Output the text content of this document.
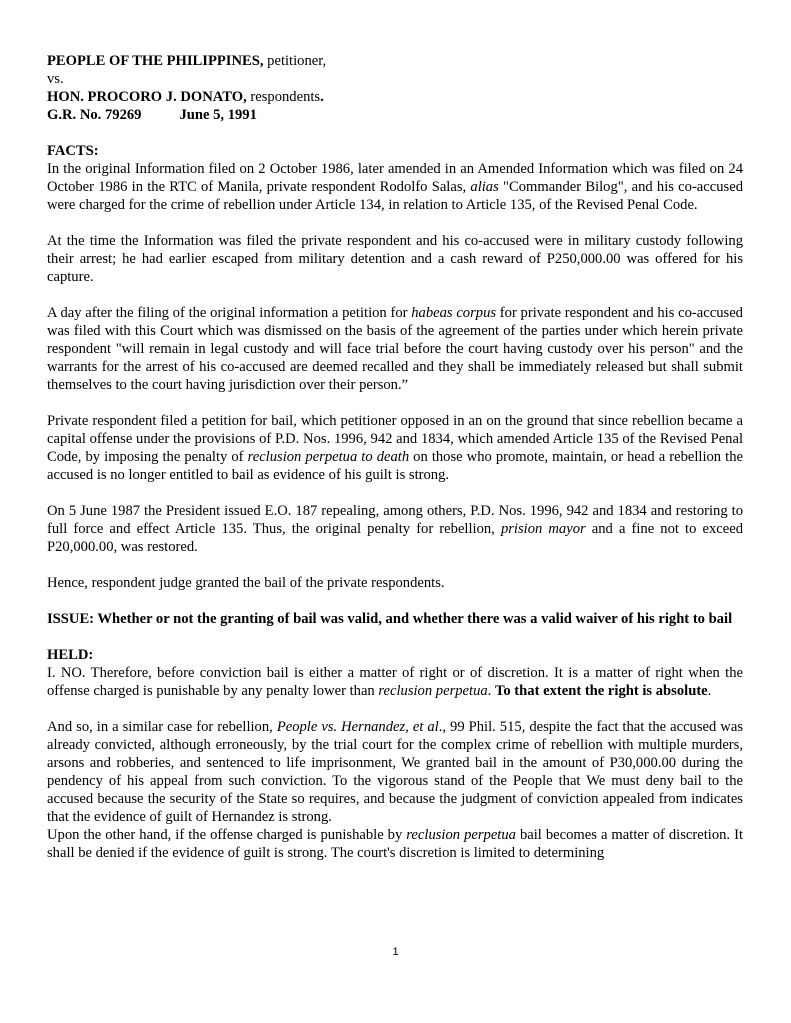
PEOPLE OF THE PHILIPPINES, petitioner,

vs.

HON. PROCORO J. DONATO, respondents.

G.R. No. 79269	June 5, 1991

FACTS:

In the original Information filed on 2 October 1986, later amended in an Amended Information which was filed on 24 October 1986 in the RTC of Manila, private respondent Rodolfo Salas, alias "Commander Bilog", and his co-accused were charged for the crime of rebellion under Article 134, in relation to Article 135, of the Revised Penal Code.

At the time the Information was filed the private respondent and his co-accused were in military custody following their arrest; he had earlier escaped from military detention and a cash reward of P250,000.00 was offered for his capture.

A day after the filing of the original information a petition for habeas corpus for private respondent and his co-accused was filed with this Court which was dismissed on the basis of the agreement of the parties under which herein private respondent "will remain in legal custody and will face trial before the court having custody over his person" and the warrants for the arrest of his co-accused are deemed recalled and they shall be immediately released but shall submit themselves to the court having jurisdiction over their person.”

Private respondent filed a petition for bail, which petitioner opposed in an on the ground that since rebellion became a capital offense under the provisions of P.D. Nos. 1996, 942 and 1834, which amended Article 135 of the Revised Penal Code, by imposing the penalty of reclusion perpetua to death on those who promote, maintain, or head a rebellion the accused is no longer entitled to bail as evidence of his guilt is strong.

On 5 June 1987 the President issued E.O. 187 repealing, among others, P.D. Nos. 1996, 942 and 1834 and restoring to full force and effect Article 135. Thus, the original penalty for rebellion, prision mayor and a fine not to exceed P20,000.00, was restored.

Hence, respondent judge granted the bail of the private respondents.

ISSUE: Whether or not the granting of bail was valid, and whether there was a valid waiver of his right to bail

HELD:

I. NO. Therefore, before conviction bail is either a matter of right or of discretion. It is a matter of right when the offense charged is punishable by any penalty lower than reclusion perpetua. To that extent the right is absolute.

And so, in a similar case for rebellion, People vs. Hernandez, et al., 99 Phil. 515, despite the fact that the accused was already convicted, although erroneously, by the trial court for the complex crime of rebellion with multiple murders, arsons and robberies, and sentenced to life imprisonment, We granted bail in the amount of P30,000.00 during the pendency of his appeal from such conviction. To the vigorous stand of the People that We must deny bail to the accused because the security of the State so requires, and because the judgment of conviction appealed from indicates that the evidence of guilt of Hernandez is strong.

Upon the other hand, if the offense charged is punishable by reclusion perpetua bail becomes a matter of discretion. It shall be denied if the evidence of guilt is strong. The court's discretion is limited to determining

1
